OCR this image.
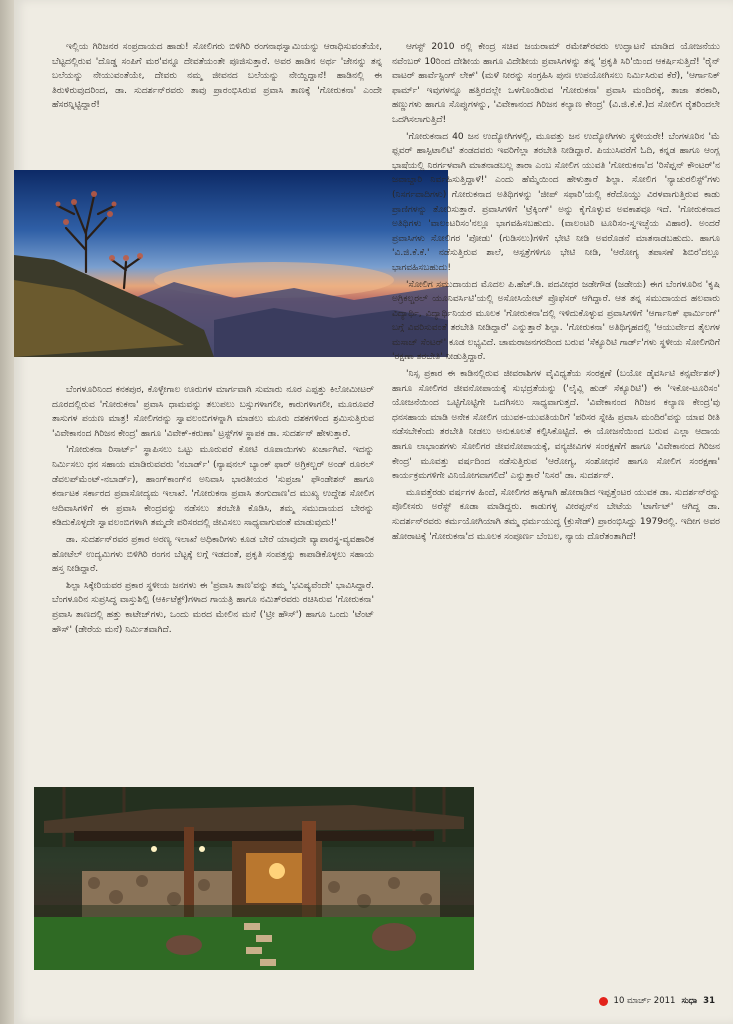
ಇಲ್ಲಿಯ ಗಿರಿಜನರ ಸಂಪ್ರದಾಯದ ಹಾಡು! ಸೋಲಿಗರು ಬಿಳಿಗಿರಿ ರಂಗನಾಥಸ್ವಾಮಿಯನ್ನು ಆರಾಧಿಸುವಂತೆಯೇ, ಬೆಟ್ಟದಲ್ಲಿರುವ 'ದೊಡ್ಡ ಸಂಪಿಗೆ ಮರ'ವನ್ನೂ ದೇವತೆಯಂತೇ ಪೂಜಿಸುತ್ತಾರೆ. ಅವರ ಹಾಡಿನ ಅರ್ಥ 'ಜೇನನ್ನು ತನ್ನ ಬಲೆಯನ್ನು ನೇಯುವಂತೆಯೇ, ದೇವರು ನಮ್ಮ ಜೀವನದ ಬಲೆಯನ್ನು ನೇಯ್ದಿದ್ದಾನೆ! ಹಾಡಿನಲ್ಲಿ ಈ ತಿರುಳಿರುವುದರಿಂದ, ಡಾ. ಸುದರ್ಶನ್‌ರವರು ತಾವು ಪ್ರಾರಂಭಿಸಿರುವ ಪ್ರವಾಸಿ ತಾಣಕ್ಕೆ 'ಗೋರುಕನಾ' ಎಂದೇ ಹೆಸರನ್ನಿಟ್ಟಿದ್ದಾರೆ!

ಬೆಂಗಳೂರಿನಿಂದ ಕನಕಪುರ, ಕೊಳ್ಳೇಗಾಲ ಊರುಗಳ ಮಾರ್ಗವಾಗಿ ಸುಮಾರು ನೂರ ಎಪ್ಪತ್ತು ಕಿಲೋಮೀಟರ್ ದೂರದಲ್ಲಿರುವ 'ಗೋರುಕನಾ' ಪ್ರವಾಸಿ ಧಾಮವನ್ನು ತಲುಪಲು ಬಸ್ಸುಗಳಾಗಲೀ, ಕಾರುಗಳಾಗಲೀ, ಮೂರೂವರೆ ತಾಸುಗಳ ಪಯಣ ಮಾತ್ರ! ಸೋಲಿಗರನ್ನು ಸ್ವಾವಲಂಬಿಗಳನ್ನಾಗಿ ಮಾಡಲು ಮೂರು ದಶಕಗಳಿಂದ ಶ್ರಮಿಸುತ್ತಿರುವ 'ವಿವೇಕಾನಂದ ಗಿರಿಜನ ಕೇಂದ್ರ' ಹಾಗೂ 'ವಿವೇಕ್-ಕರುಣಾ' ಟ್ರಸ್ಟ್‌ಗಳ ಸ್ಥಾಪಕ ಡಾ. ಸುದರ್ಶನ್ ಹೇಳುತ್ತಾರೆ.

'ಗೋರುಕನಾ ರಿಸಾರ್ಟ್' ಸ್ಥಾಪಿಸಲು ಒಟ್ಟು ಮೂರುವರೆ ಕೋಟಿ ರೂಪಾಯಿಗಳು ಖರ್ಚಾಗಿವೆ. ಇದನ್ನು ನಿರ್ಮಿಸಲು ಧನ ಸಹಾಯ ಮಾಡಿರುವವರು 'ನಬಾರ್ಡ್' (ನ್ಯಾಷನಲ್ ಬ್ಯಾಂಕ್ ಫಾರ್ ಅಗ್ರಿಕಲ್ಚರ್ ಅಂಡ್ ರೂರಲ್ ಡೆವಲಪ್‌ಮೆಂಟ್-ನಬಾರ್ಡ್), ಹಾಂಗ್‌ಕಾಂಗ್‌ನ ಅನಿವಾಸಿ ಭಾರತೀಯರ 'ಸುಪ್ರಜಾ' ಫೌಂಡೇಶನ್ ಹಾಗೂ ಕರ್ನಾಟಕ ಸರ್ಕಾರದ ಪ್ರವಾಸೋದ್ಯಮ ಇಲಾಖೆ. 'ಗೋರುಕನಾ ಪ್ರವಾಸಿ ತಂಗುದಾಣ'ದ ಮುಖ್ಯ ಉದ್ದೇಶ ಸೋಲಿಗ ಆದಿವಾಸಿಗಳಿಗೆ ಈ ಪ್ರವಾಸಿ ಕೇಂದ್ರವನ್ನು ನಡೆಸಲು ತರಬೇತಿ ಕೊಡಿಸಿ, ತಮ್ಮ ಸಮುದಾಯದ ಬೇರನ್ನು ಕಡಿದುಕೊಳ್ಳದೇ ಸ್ವಾವಲಂಬಿಗಳಾಗಿ ತಮ್ಮದೇ ಪರಿಸರದಲ್ಲಿ ಜೀವಿಸಲು ಸಾಧ್ಯವಾಗುವಂತೆ ಮಾಡುವುದು!'

ಡಾ. ಸುದರ್ಶನ್‌ರವರ ಪ್ರಕಾರ ಅರಣ್ಯ ಇಲಾಖೆ ಅಧಿಕಾರಿಗಳು ಕೂಡ ಬೇರೆ ಯಾವುದೇ ವ್ಯಾಪಾರಸ್ಥ-ವ್ಯವಹಾರಿಕ ಹೋಟೆಲ್ ಉದ್ಯಮಿಗಳು ಬಿಳಿಗಿರಿ ರಂಗನ ಬೆಟ್ಟಕ್ಕೆ ಲಗ್ಗೆ ಇಡದಂತೆ, ಪ್ರಕೃತಿ ಸಂಪತ್ತನ್ನು ಕಾಪಾಡಿಕೊಳ್ಳಲು ಸಹಾಯ ಹಸ್ತ ನೀಡಿದ್ದಾರೆ.

ಶಿಲ್ಪಾ ಸಿಕ್ಕೇರಿಯವರ ಪ್ರಕಾರ ಸ್ಥಳೀಯ ಜನಗಳು ಈ 'ಪ್ರವಾಸಿ ತಾಣ'ವನ್ನು ತಮ್ಮ 'ಭವಿಷ್ಯವೆಂದೇ' ಭಾವಿಸಿದ್ದಾರೆ. ಬೆಂಗಳೂರಿನ ಸುಪ್ರಸಿದ್ಧ ವಾಸ್ತುಶಿಲ್ಪಿ (ಆರ್ಕಿಟೆಕ್ಟ್)ಗಳಾದ ಗಾಯತ್ರಿ ಹಾಗೂ ನಮಿತ್‌ರವರು ರಚಿಸಿರುವ 'ಗೋರುಕನಾ' ಪ್ರವಾಸಿ ತಾಣದಲ್ಲಿ ಹತ್ತು ಕಾಟೇಜ್‌ಗಳು, ಒಂದು ಮರದ ಮೇಲಿನ ಮನೆ ('ಟ್ರೀ ಹೌಸ್') ಹಾಗೂ ಒಂದು 'ಟೆಂಟ್ ಹೌಸ್' (ಡೇರೆಯ ಮನೆ) ನಿರ್ಮಿತವಾಗಿದೆ.

ಆಗಸ್ಟ್ 2010 ರಲ್ಲಿ ಕೇಂದ್ರ ಸಚಿವ ಜಯರಾಮ್ ರಮೇಶ್‌ರವರು ಉದ್ಘಾಟನೆ ಮಾಡಿದ ಯೋಜನೆಯು ನವೆಂಬರ್ 10ರಿಂದ ದೇಶೀಯ ಹಾಗೂ ವಿದೇಶೀಯ ಪ್ರವಾಸಿಗಳನ್ನು ತನ್ನ 'ಪ್ರಕೃತಿ ಸಿರಿ'ಯಿಂದ ಆಕರ್ಷಿಸುತ್ತಿದೆ! 'ರೈನ್ ವಾಟರ್ ಹಾರ್ವೆಸ್ಟಿಂಗ್ ಲೇಕ್' (ಮಳೆ ನೀರನ್ನು ಸಂಗ್ರಹಿಸಿ ಪುನಃ ಉಪಯೋಗಿಸಲು ನಿರ್ಮಿಸಿರುವ ಕೆರೆ), 'ಆರ್ಗಾನಿಕ್ ಫಾರ್ಮ್' ಇವುಗಳನ್ನೂ ಹತ್ತಿರದಲ್ಲೇ ಒಳಗೊಂಡಿರುವ 'ಗೋರುಕನಾ' ಪ್ರವಾಸಿ ಮಂದಿರಕ್ಕೆ, ತಾಜಾ ತರಕಾರಿ, ಹಣ್ಣುಗಳು ಹಾಗೂ ಸೊಪ್ಪುಗಳನ್ನು, 'ವಿವೇಕಾನಂದ ಗಿರಿಜನ ಕಲ್ಯಾಣ ಕೇಂದ್ರ' (ವಿ.ಜಿ.ಕೆ.ಕೆ.)ದ ಸೋಲಿಗ ರೈತರಿಂದಲೇ ಒದಗಿಸಲಾಗುತ್ತಿದೆ!

'ಗೋರುಕನಾದ 40 ಜನ ಉದ್ಯೋಗಿಗಳಲ್ಲಿ, ಮೂವತ್ತು ಜನ ಉದ್ಯೋಗಿಗಳು ಸ್ಥಳೀಯರೇ! ಬೆಂಗಳೂರಿನ 'ಮೆ ಫ್ಲವರ್ ಹಾಸ್ಪಿಟಾಲಿಟಿ' ತಂಡದವರು ಇವರಿಗೆಲ್ಲಾ ತರಬೇತಿ ನೀಡಿದ್ದಾರೆ. ಪಿಯುಸಿವರೆಗೆ ಓದಿ, ಕನ್ನಡ ಹಾಗೂ ಆಂಗ್ಲ ಭಾಷೆಯಲ್ಲಿ ನಿರರ್ಗಳವಾಗಿ ಮಾತನಾಡಬಲ್ಲ ತಾರಾ ಎಂಬ ಸೋಲಿಗ ಯುವತಿ 'ಗೋರುಕನಾ'ದ 'ರಿಸೆಪ್ಷನ್ ಕೌಂಟರ್'ನ ಜವಾಬ್ದಾರಿ ನಿರ್ವಹಿಸುತ್ತಿದ್ದಾಳೆ!' ಎಂದು ಹೆಮ್ಮೆಯಿಂದ ಹೇಳುತ್ತಾರೆ ಶಿಲ್ಪಾ. ಸೋಲಿಗ 'ನ್ಯಾಚುರಲಿಸ್ಟ್'ಗಳು (ನಿಸರ್ಗವಾದಿಗಳು) ಗೋರುಕನಾದ ಅತಿಥಿಗಳನ್ನು 'ಜೀಪ್ ಸಫಾರಿ'ಯಲ್ಲಿ ಕರೆದೊಯ್ದು ವಿರಳವಾಗುತ್ತಿರುವ ಕಾಡು ಪ್ರಾಣಿಗಳನ್ನು ತೋರಿಸುತ್ತಾರೆ. ಪ್ರವಾಸಿಗಳಿಗೆ 'ಟ್ರೆಕ್ಕಿಂಗ್' ಅನ್ನು ಕೈಗೊಳ್ಳುವ ಅವಕಾಶವೂ ಇದೆ. 'ಗೋರುಕನಾದ ಅತಿಥಿಗಳು 'ವಾಲಂಟರಿಸಂ'ನಲ್ಲೂ ಭಾಗವಹಿಸಬಹುದು. (ವಾಲಂಟರಿ ಟೂರಿಸಂ-ಸ್ವಇಚ್ಛೆಯ ವಿಹಾರ). ಅಂದರೆ ಪ್ರವಾಸಿಗಳು ಸೋಲಿಗರ 'ಪೋಡು' (ಗುಡಿಸಲು)ಗಳಿಗೆ ಭೇಟಿ ನೀಡಿ ಅವರೊಡನೆ ಮಾತನಾಡಬಹುದು. ಹಾಗೂ 'ವಿ.ಜಿ.ಕೆ.ಕೆ.' ನಡೆಸುತ್ತಿರುವ ಶಾಲೆ, ಆಸ್ಪತ್ರೆಗಳಿಗೂ ಭೇಟಿ ನೀಡಿ, 'ಆರೋಗ್ಯ ತಪಾಸಣೆ ಶಿಬಿರ'ದಲ್ಲೂ ಭಾಗವಹಿಸಬಹುದು!

'ಸೋಲಿಗ ಸಮುದಾಯದ ಮೊದಲ ಪಿ.ಹೆಚ್.ಡಿ. ಪದವೀಧರ ಜಡೇಗೌಡ (ಜಡೇಯ) ಈಗ ಬೆಂಗಳೂರಿನ 'ಕೃಷಿ ಅಗ್ರಿಕಲ್ಚರಲ್ ಯೂನಿವರ್ಸಿಟಿ'ಯಲ್ಲಿ ಅಸೋಸಿಯೇಟ್ ಪ್ರೊಫೆಸರ್ ಆಗಿದ್ದಾರೆ. ಆತ ತನ್ನ ಸಮುದಾಯದ ಹಲವಾರು ವಿದ್ಯಾರ್ಥಿ, ವಿದ್ಯಾರ್ಥಿನಿಯರ ಮೂಲಕ 'ಗೋರುಕನಾ'ದಲ್ಲಿ ಇಳಿದುಕೊಳ್ಳುವ ಪ್ರವಾಸಿಗಳಿಗೆ 'ಆರ್ಗಾನಿಕ್ ಫಾರ್ಮಿಂಗ್' ಬಗ್ಗೆ ವಿವರಿಸುವಂತೆ ತರಬೇತಿ ನೀಡಿದ್ದಾರೆ' ಎನ್ನುತ್ತಾರೆ ಶಿಲ್ಪಾ. 'ಗೋರುಕನಾ' ಅತಿಥಿಗೃಹದಲ್ಲಿ 'ಆಯುರ್ವೇದ ತೈಲಗಳ ಮಸಾಜ್ ಸೆಂಟರ್' ಕೂಡ ಲಭ್ಯವಿದೆ. ಚಾಮರಾಜನಗರದಿಂದ ಬರುವ 'ಸೆಕ್ಯೂರಿಟಿ ಗಾರ್ಡ್'ಗಳು ಸ್ಥಳೀಯ ಸೋಲಿಗರಿಗೆ 'ರಕ್ಷಣಾ ತರಬೇತಿ' ನೀಡುತ್ತಿದ್ದಾರೆ.

'ನಿಸ್ಸ ಪ್ರಕಾರ ಈ ಕಾಡಿನಲ್ಲಿರುವ ಜೀವರಾಶಿಗಳ ವೈವಿಧ್ಯತೆಯ ಸಂರಕ್ಷಣೆ (ಬಯೋ ಡೈವರ್ಸಿಟಿ ಕನ್ಸರ್ವೇಶನ್) ಹಾಗೂ ಸೋಲಿಗರ ಜೀವನೋಪಾಯಕ್ಕೆ ಸುಭದ್ರತೆಯನ್ನು ('ಲೈವ್ಲಿ ಹುಡ್ ಸೆಕ್ಯೂರಿಟಿ') ಈ 'ಇಕೋ-ಟೂರಿಸಂ' ಯೋಜನೆಯಿಂದ ಒಟ್ಟಿಗೊಟ್ಟಿಗೇ ಒದಗಿಸಲು ಸಾಧ್ಯವಾಗುತ್ತದೆ. 'ವಿವೇಕಾನಂದ ಗಿರಿಜನ ಕಲ್ಯಾಣ ಕೇಂದ್ರ'ವು ಧನಸಹಾಯ ಮಾಡಿ ಅನೇಕ ಸೋಲಿಗ ಯುವಕ-ಯುವತಿಯರಿಗೆ 'ಪರಿಸರ ಸ್ನೇಹಿ ಪ್ರವಾಸಿ ಮಂದಿರ'ವನ್ನು ಯಾವ ರೀತಿ ನಡೆಸಬೇಕೆಂದು ತರಬೇತಿ ನೀಡಲು ಅನುಕೂಲತೆ ಕಲ್ಪಿಸಿಕೊಟ್ಟಿದೆ. ಈ ಯೋಜನೆಯಿಂದ ಬರುವ ಎಲ್ಲಾ ಆದಾಯ ಹಾಗೂ ಲಾಭಾಂಶಗಳು ಸೋಲಿಗರ ಜೀವನೋಪಾಯಕ್ಕೆ, ವನ್ಯಜೀವಿಗಳ ಸಂರಕ್ಷಣೆಗೆ ಹಾಗೂ 'ವಿವೇಕಾನಂದ ಗಿರಿಜನ ಕೇಂದ್ರ' ಮೂವತ್ತು ವರ್ಷದಿಂದ ನಡೆಸುತ್ತಿರುವ 'ಆರೋಗ್ಯ, ಸಂಶೋಧನೆ ಹಾಗೂ ಸೋಲಿಗ ಸಂರಕ್ಷಣಾ' ಕಾರ್ಯಕ್ರಮಗಳಿಗೇ ವಿನಿಯೋಗವಾಗಲಿದೆ' ಎನ್ನುತ್ತಾರೆ 'ನಿಸರ' ಡಾ. ಸುದರ್ಶನ್.

ಮೂವತ್ತೆರಡು ವರ್ಷಗಳ ಹಿಂದೆ, ಸೋಲಿಗರ ಹಕ್ಕಿಗಾಗಿ ಹೋರಾಡಿದ ಇಪ್ಪತ್ತೆಂಟರ ಯುವಕ ಡಾ. ಸುದರ್ಶನ್‌ರನ್ನು ಪೊಲೀಸರು ಅರೆಸ್ಟ್ ಕೂಡಾ ಮಾಡಿದ್ದರು. ಕಾಡುಗಳ್ಳ ವೀರಪ್ಪನ್‌ನ ಬೇಟೆಯ 'ಟಾರ್ಗೆಟ್' ಆಗಿದ್ದ ಡಾ. ಸುದರ್ಶನ್‌ರವರು ಕರ್ಮಯೋಗಿಯಾಗಿ ತಮ್ಮ ಧರ್ಮಯುದ್ಧ (ಕ್ರುಸೇಡ್) ಪ್ರಾರಂಭಿಸಿದ್ದು 1979ರಲ್ಲಿ. ಇದೀಗ ಅವರ ಹೋರಾಟಕ್ಕೆ 'ಗೋರುಕನಾ'ದ ಮೂಲಕ ಸಂಪೂರ್ಣ ಬೆಂಬಲ, ನ್ಯಾಯ ದೊರೆತಂತಾಗಿದೆ!

10 ಮಾರ್ಚ್ 2011 ಸುಧಾ 31
